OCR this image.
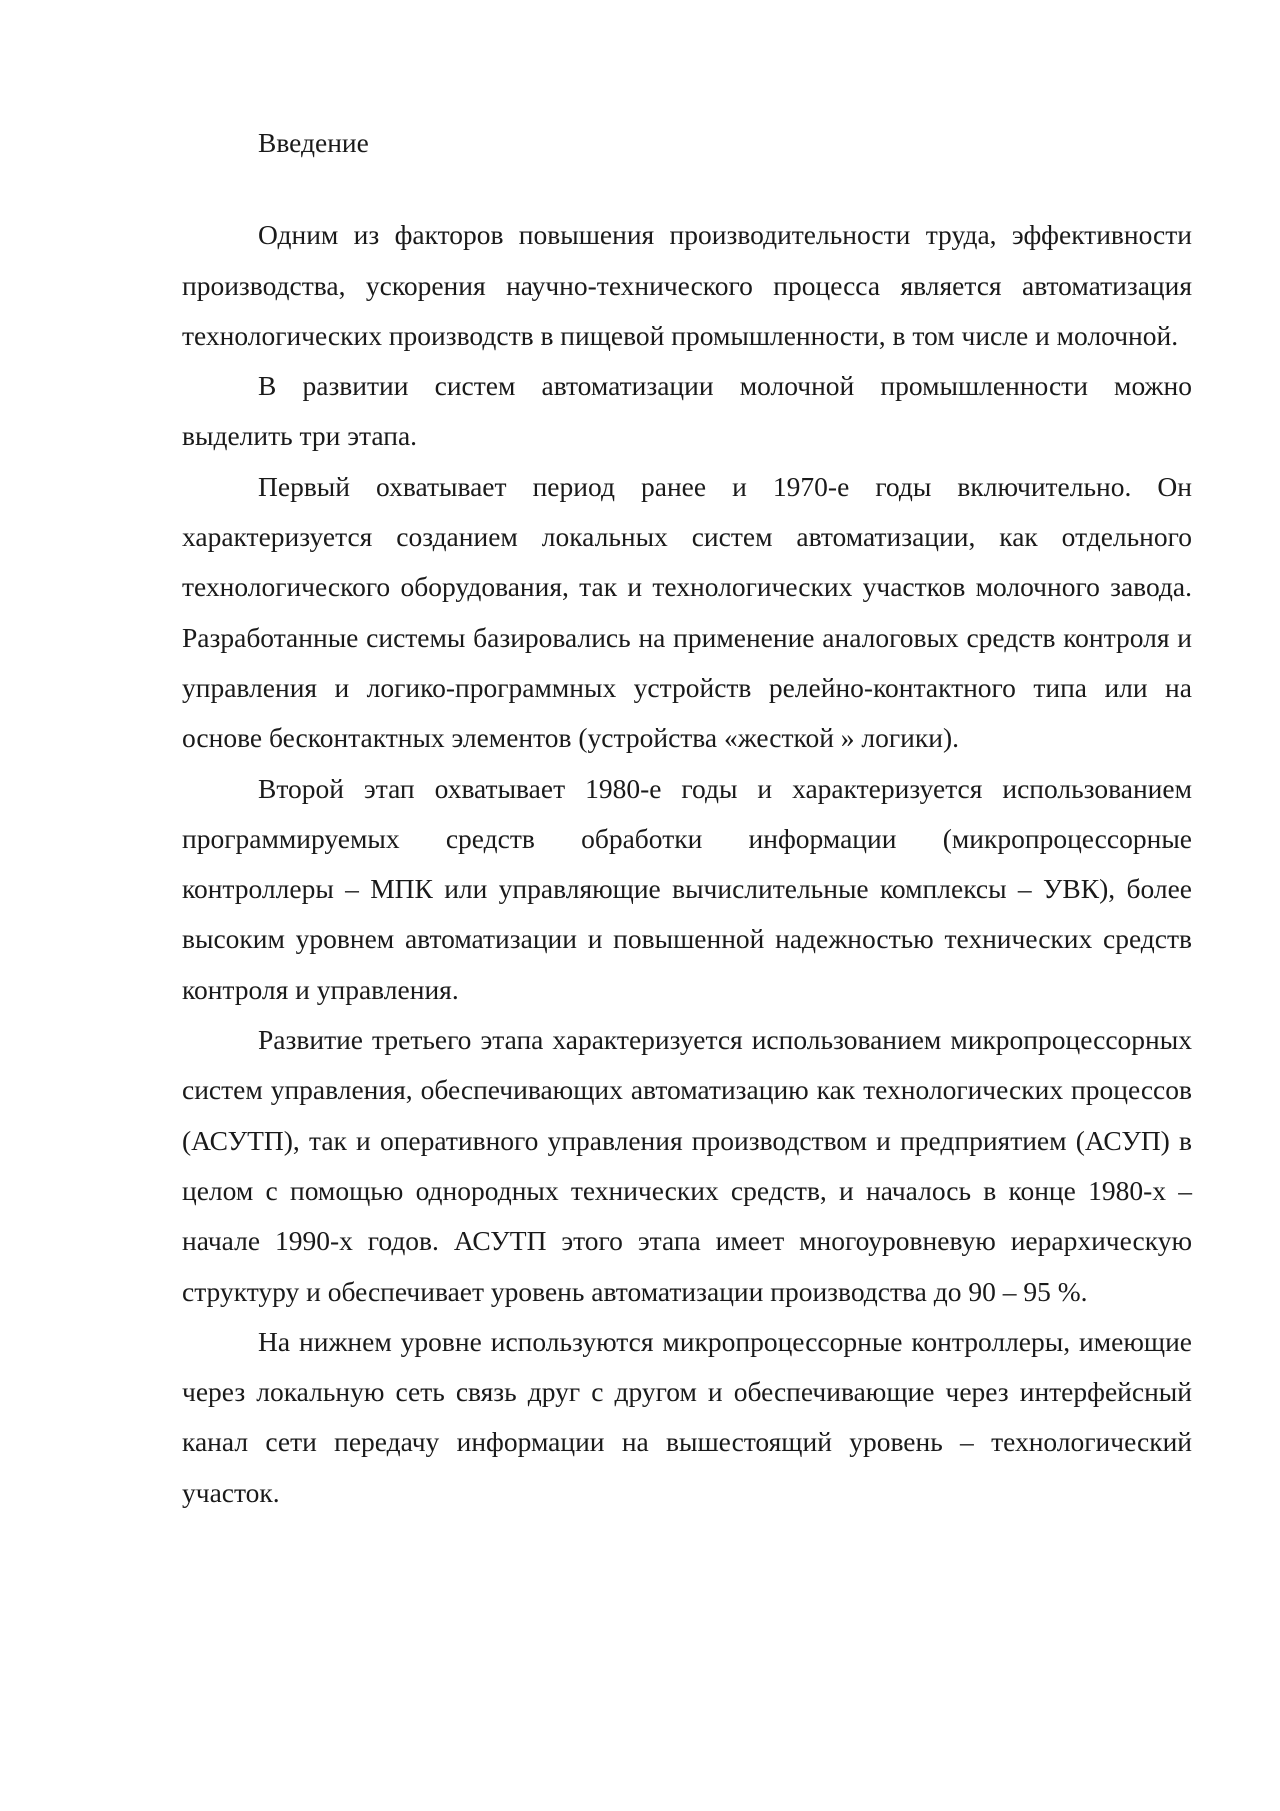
Введение

Одним из факторов повышения производительности труда, эффективности производства, ускорения научно-технического процесса является автоматизация технологических производств в пищевой промышленности, в том числе и молочной.

В развитии систем автоматизации молочной промышленности можно выделить три этапа.

Первый охватывает период ранее и 1970-е годы включительно. Он характеризуется созданием локальных систем автоматизации, как отдельного технологического оборудования, так и технологических участков молочного завода. Разработанные системы базировались на применение аналоговых средств контроля и управления и логико-программных устройств релейно-контактного типа или на основе бесконтактных элементов (устройства «жесткой » логики).

Второй этап охватывает 1980-е годы и характеризуется использованием программируемых средств обработки информации (микропроцессорные контроллеры – МПК или управляющие вычислительные комплексы – УВК), более высоким уровнем автоматизации и повышенной надежностью технических средств контроля и управления.

Развитие третьего этапа характеризуется использованием микропроцессорных систем управления, обеспечивающих автоматизацию как технологических процессов (АСУТП), так и оперативного управления производством и предприятием (АСУП) в целом с помощью однородных технических средств, и началось в конце 1980-х – начале 1990-х годов. АСУТП этого этапа имеет многоуровневую иерархическую структуру и обеспечивает уровень автоматизации производства до 90 – 95 %.

На нижнем уровне используются микропроцессорные контроллеры, имеющие через локальную сеть связь друг с другом и обеспечивающие через интерфейсный канал сети передачу информации на вышестоящий уровень – технологический участок.
